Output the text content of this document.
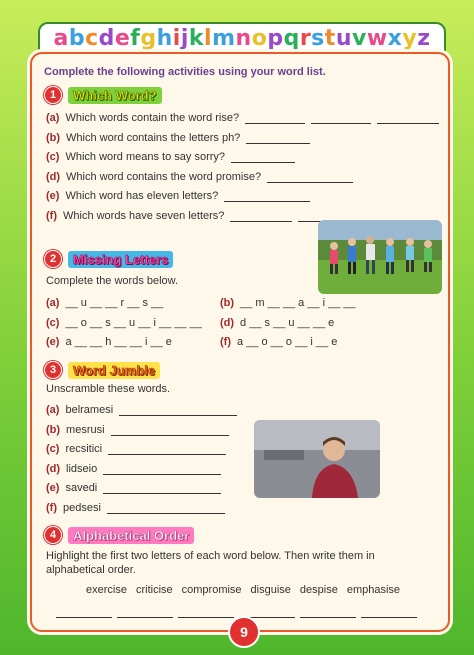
abcdefghijklmnopqrstuvwxyz
Complete the following activities using your word list.
1	Which Word?
(a) Which words contain the word rise?
(b) Which word contains the letters ph?
(c) Which word means to say sorry?
(d) Which word contains the word promise?
(e) Which word has eleven letters?
(f) Which words have seven letters?
2	Missing Letters
Complete the words below.
(a) __ u __ __ r __ s __	(b) __ m __ __ a __ i __ __
(c) __ o __ s __ u __ i __ __ __ (d) d __ s __ u __ __ e
(e) a __ __ h __ __ i __ e	(f) a __ o __ o __ i __ e
3	Word Jumble
Unscramble these words.
(a) belramesi
(b) mesrusi
(c) recsitici
(d) lidseio
(e) savedi
(f) pedsesi
4	Alphabetical Order
Highlight the first two letters of each word below. Then write them in
alphabetical order.
exercise criticise compromise disguise despise emphasise
9
